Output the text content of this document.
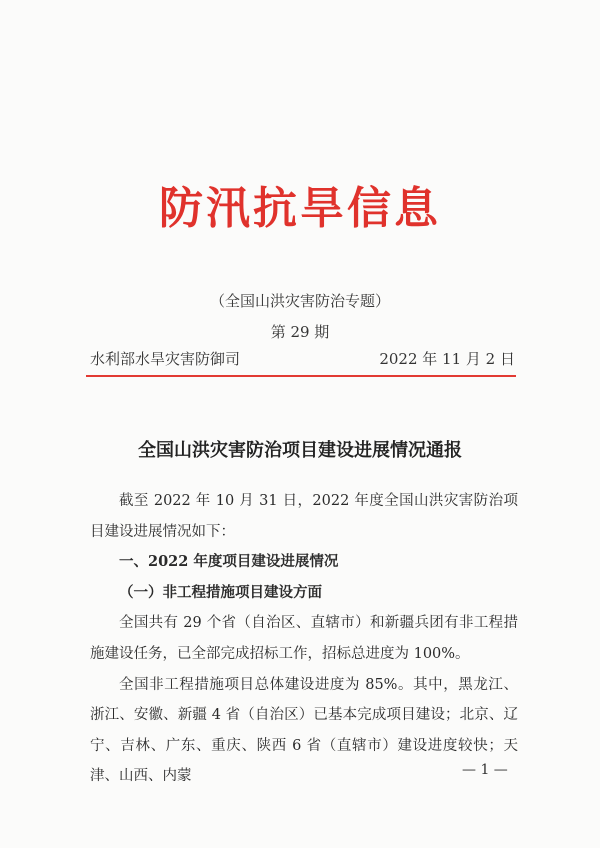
防汛抗旱信息
（全国山洪灾害防治专题）
第 29 期
水利部水旱灾害防御司	2022 年 11 月 2 日
全国山洪灾害防治项目建设进展情况通报

截至 2022 年 10 月 31 日，2022 年度全国山洪灾害防治项目建设进展情况如下：

一、2022 年度项目建设进展情况

（一）非工程措施项目建设方面

全国共有 29 个省（自治区、直辖市）和新疆兵团有非工程措施建设任务，已全部完成招标工作，招标总进度为 100%。

全国非工程措施项目总体建设进度为 85%。其中，黑龙江、浙江、安徽、新疆 4 省（自治区）已基本完成项目建设；北京、辽宁、吉林、广东、重庆、陕西 6 省（直辖市）建设进度较快；天津、山西、内蒙	— 1 —
